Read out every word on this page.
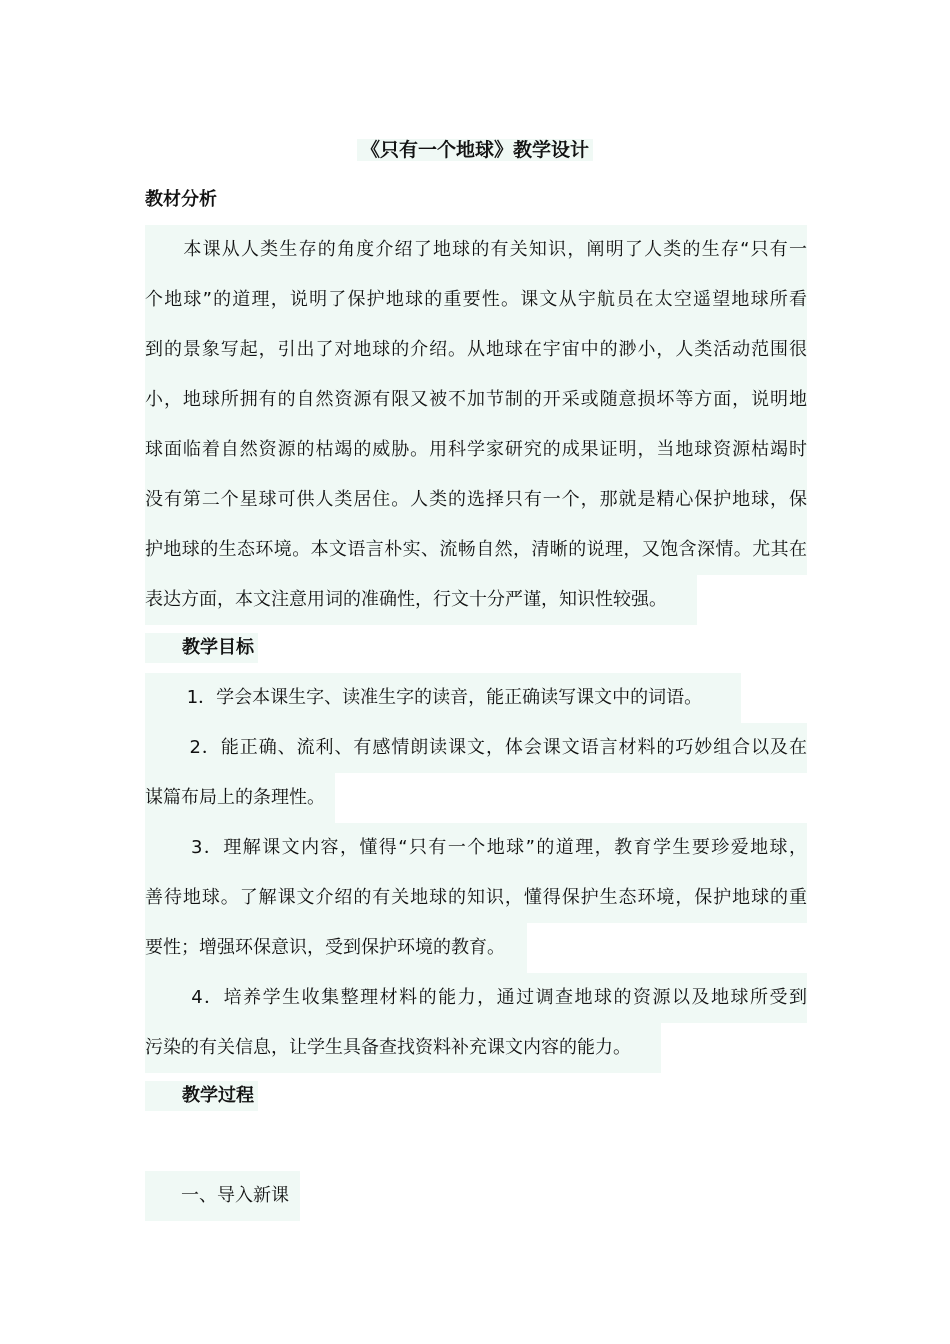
《只有一个地球》教学设计
教材分析
　　本课从人类生存的角度介绍了地球的有关知识，阐明了人类的生存“只有一
个地球”的道理，说明了保护地球的重要性。课文从宇航员在太空遥望地球所看
到的景象写起，引出了对地球的介绍。从地球在宇宙中的渺小，人类活动范围很
小，地球所拥有的自然资源有限又被不加节制的开采或随意损坏等方面，说明地
球面临着自然资源的枯竭的威胁。用科学家研究的成果证明，当地球资源枯竭时
没有第二个星球可供人类居住。人类的选择只有一个，那就是精心保护地球，保
护地球的生态环境。本文语言朴实、流畅自然，清晰的说理，又饱含深情。尤其在
表达方面，本文注意用词的准确性，行文十分严谨，知识性较强。
教学目标
　　 1．学会本课生字、读准生字的读音，能正确读写课文中的词语。
　　 2．能正确、流利、有感情朗读课文，体会课文语言材料的巧妙组合以及在
谋篇布局上的条理性。
　　 3．理解课文内容，懂得“只有一个地球”的道理，教育学生要珍爱地球，
善待地球。了解课文介绍的有关地球的知识，懂得保护生态环境，保护地球的重
要性；增强环保意识，受到保护环境的教育。
　　 4．培养学生收集整理材料的能力，通过调查地球的资源以及地球所受到
污染的有关信息，让学生具备查找资料补充课文内容的能力。
教学过程
　　一、导入新课
